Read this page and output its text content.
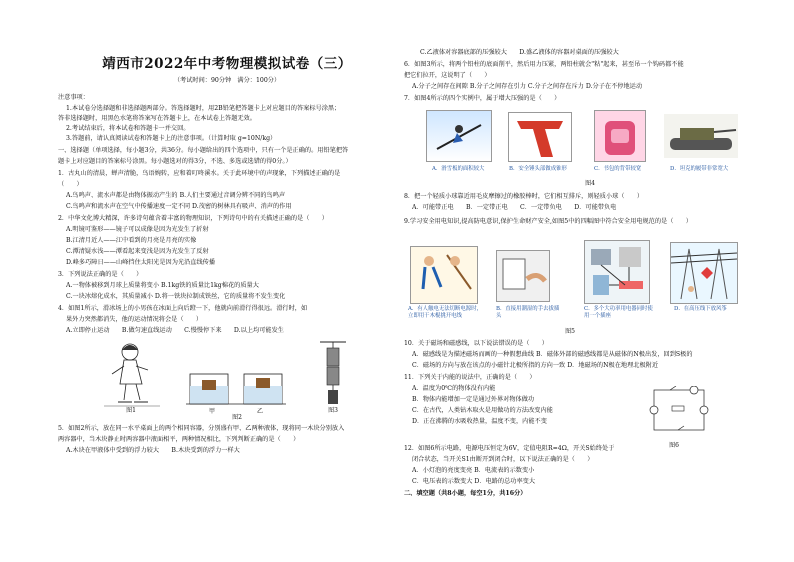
靖西市2022年中考物理模拟试卷（三）
（考试时间：90分钟　满分：100分）
注意事项：
1.本试卷分选择题和非选择题两部分。答选择题时，用2B铅笔把答题卡上对应题目的答案标号涂黑；
答非选择题时，用黑色水笔将答案写在答题卡上，在本试卷上答题无效。
2.考试结束后，将本试卷和答题卡一并交回。
3.答题前，请认真阅读试卷和答题卡上的注意事项。（计算时取 g=10N/kg）
一、选择题（单项选择，每小题3分，共36分。每小题给出的四个选项中，只有一个是正确的。用铅笔把答
题卡上对应题目的答案标号涂黑。每小题选对的得3分，不选、多选或选错的得0分。）
1．古丸山的清晨，蝉声清脆，鸟语婉转，应和着叮咚溪水。关于此环境中的声现象，下列描述正确的是
（　　）
A.鸟鸣声、流水声都是由物体振动产生的 B.人们主要通过音调分辨不同的鸟鸣声
C.鸟鸣声和流水声在空气中传播速度一定不同 D.茂密的树林具有吸声、消声的作用
2．中华文化博大精深，许多诗句蕴含着丰富的物理知识，下列诗句中的有关描述正确的是（　　）
A.明镜可鉴形——镜子可以成像是因为光发生了折射
B.江清月近人——江中看到的月亮是月亮的实像
C.潭清疑水浅——潭看起来变浅是因为光发生了反射
D.峰多巧障日——山峰挡住太阳光是因为光沿直线传播
3．下列说法正确的是（　　）
A.一物体被移到月球上质量将变小 B.1kg铁的质量比1kg棉花的质量大
C.一块冰熔化成水，其质量减小 D.将一铁块拉制成铁丝，它的质量将不发生变化
4．如图1所示，滑冰场上的小男孩在冰面上向后蹬一下，他就向前滑行得很远。滑行时，如
果外力突然都消失，他的运动情况将会是（　　）
A.立即停止运动　　B.做匀速直线运动　　C.慢慢停下来　　D.以上均可能发生
5．如图2所示，放在同一水平桌面上的两个相同容器，分别盛有甲、乙两种液体，现将同一木块分别放入
两容器中，当木块静止时两容器中液面相平，两种情况相比，下列判断正确的是（　　）
A.木块在甲液体中受到的浮力较大　　B.木块受到的浮力一样大
图1	甲	乙
图2
图3
C.乙液体对容器底部的压强较大　　D.盛乙液体的容器对桌面的压强较大
6．如图3所示，将两个铅柱的底面削平，然后用力压紧，两铅柱就会"粘"起来，甚至吊一个钩码都不能
把它们拉开，这说明了（　　）
A.分子之间存在间隙 B.分子之间存在引力 C.分子之间存在斥力 D.分子在不停地运动
7．如图4所示的四个实例中，属于增大压强的是（　　）
8．把一个轻质小球靠近用毛皮摩擦过的橡胶棒时，它们相互排斥，则轻质小球（　　）
A．可能带正电　　B．一定带正电　　C．一定带负电　　D．可能带负电
9.学习安全用电知识,提高防电意识,保护生命财产安全,如图5中的四幅图中符合安全用电规范的是（　　）
10．关于磁场和磁感线，以下说法错误的是（　　）
A．磁感线是为描述磁场而画的一种假想曲线 B．磁体外部的磁感线都是从磁体的N极出发，回到S极的
C．磁场的方向与放在该点的小磁针北极所指的方向一致 D．地磁场的N极在地理北极附近
11．下列关于内能的说法中，正确的是（　　）
A．温度为0℃的物体没有内能
B．物体内能增加一定是通过外界对物体做功
C．在古代，人类钻木取火是用做功的方法改变内能
D．正在沸腾的水吸收热量，温度不变，内能不变
12．如图6所示电路，电源电压恒定为6V，定值电阻R=4Ω，开关S始终处于
闭合状态，当开关S1由断开到闭合时，以下说法正确的是（　　）
A．小灯泡的亮度变亮 B．电流表的示数变小
C．电压表的示数变大 D．电路的总功率变大
二、填空题（共8小题，每空1分，共16分）
A．滑雪板的面积较大	B．安全锤头部做成锥形	C．书包的背带较宽	D．坦克的履带非常宽大
图4
A．有人触电无法切断电源时，立即用干木棍挑开电线
B．直接用潮湿的手去拔插头
C．多个大功率用电器同时使用一个插座
D．在高压线下放风筝
图5
图6
